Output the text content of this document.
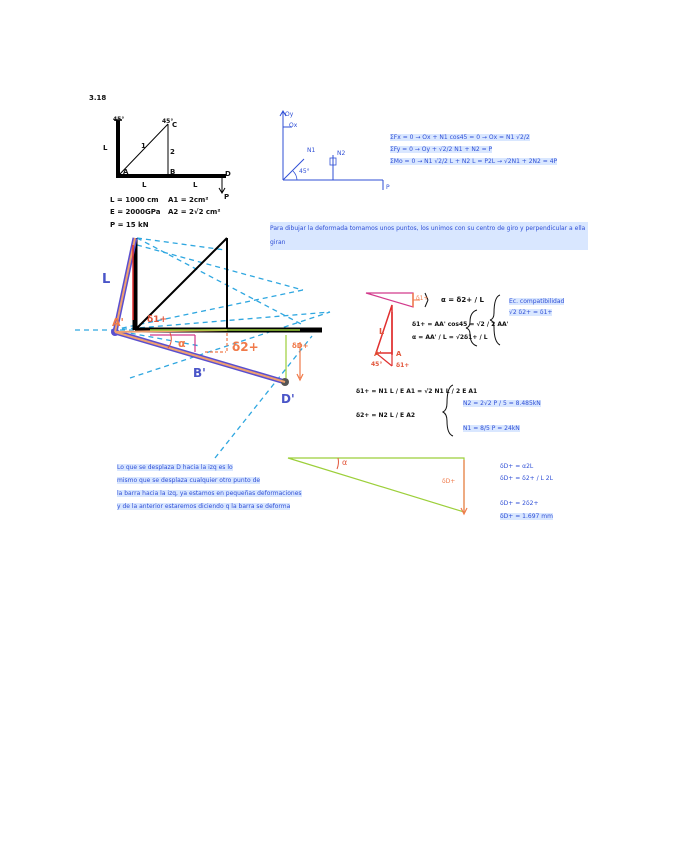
3.18
45°	45°
C
1
2
L
A	B	D
L	L
P
L = 1000 cm
E = 2000GPa
P = 15 kN
A1 = 2cm²
A2 = 2√2 cm²
Oy
Ox
N1	N2
45°
P
ΣFx = 0 → Ox + N1 cos45 = 0 → Ox = N1 √2/2
ΣFy = 0 → Oy + √2/2 N1 + N2 = P
ΣMo = 0 → N1 √2/2 L + N2 L = P2L → √2N1 + 2N2 = 4P
Para dibujar la deformada tomamos unos puntos, los unimos con su centro de giro y perpendicular a ella giran
L
A'	δ1+
α	δ2+
B'
D'
δD+
α = δ2+ / L
δ1+	Ec. compatibilidad
√2 δ2+ = δ1+
δ1+ = AA' cos45 = √2 / 2 AA'
α = AA' / L = √2δ1+ / L
L
A' A
45° δ1+
δ1+ = N1 L / E A1 = √2 N1 L / 2 E A1
δ2+ = N2 L / E A2
N2 = 2√2 P / 5 = 8.485kN
N1 = 8/5 P = 24kN
Lo que se desplaza D hacia la izq es lo
mismo que se desplaza cualquier otro punto de
la barra hacia la izq, ya estamos en pequeñas deformaciones
y de la anterior estaremos diciendo q la barra se deforma
α
δD+
δD+ = α2L
δD+ = δ2+ / L 2L
δD+ = 2δ2+
δD+ = 1.697 mm
